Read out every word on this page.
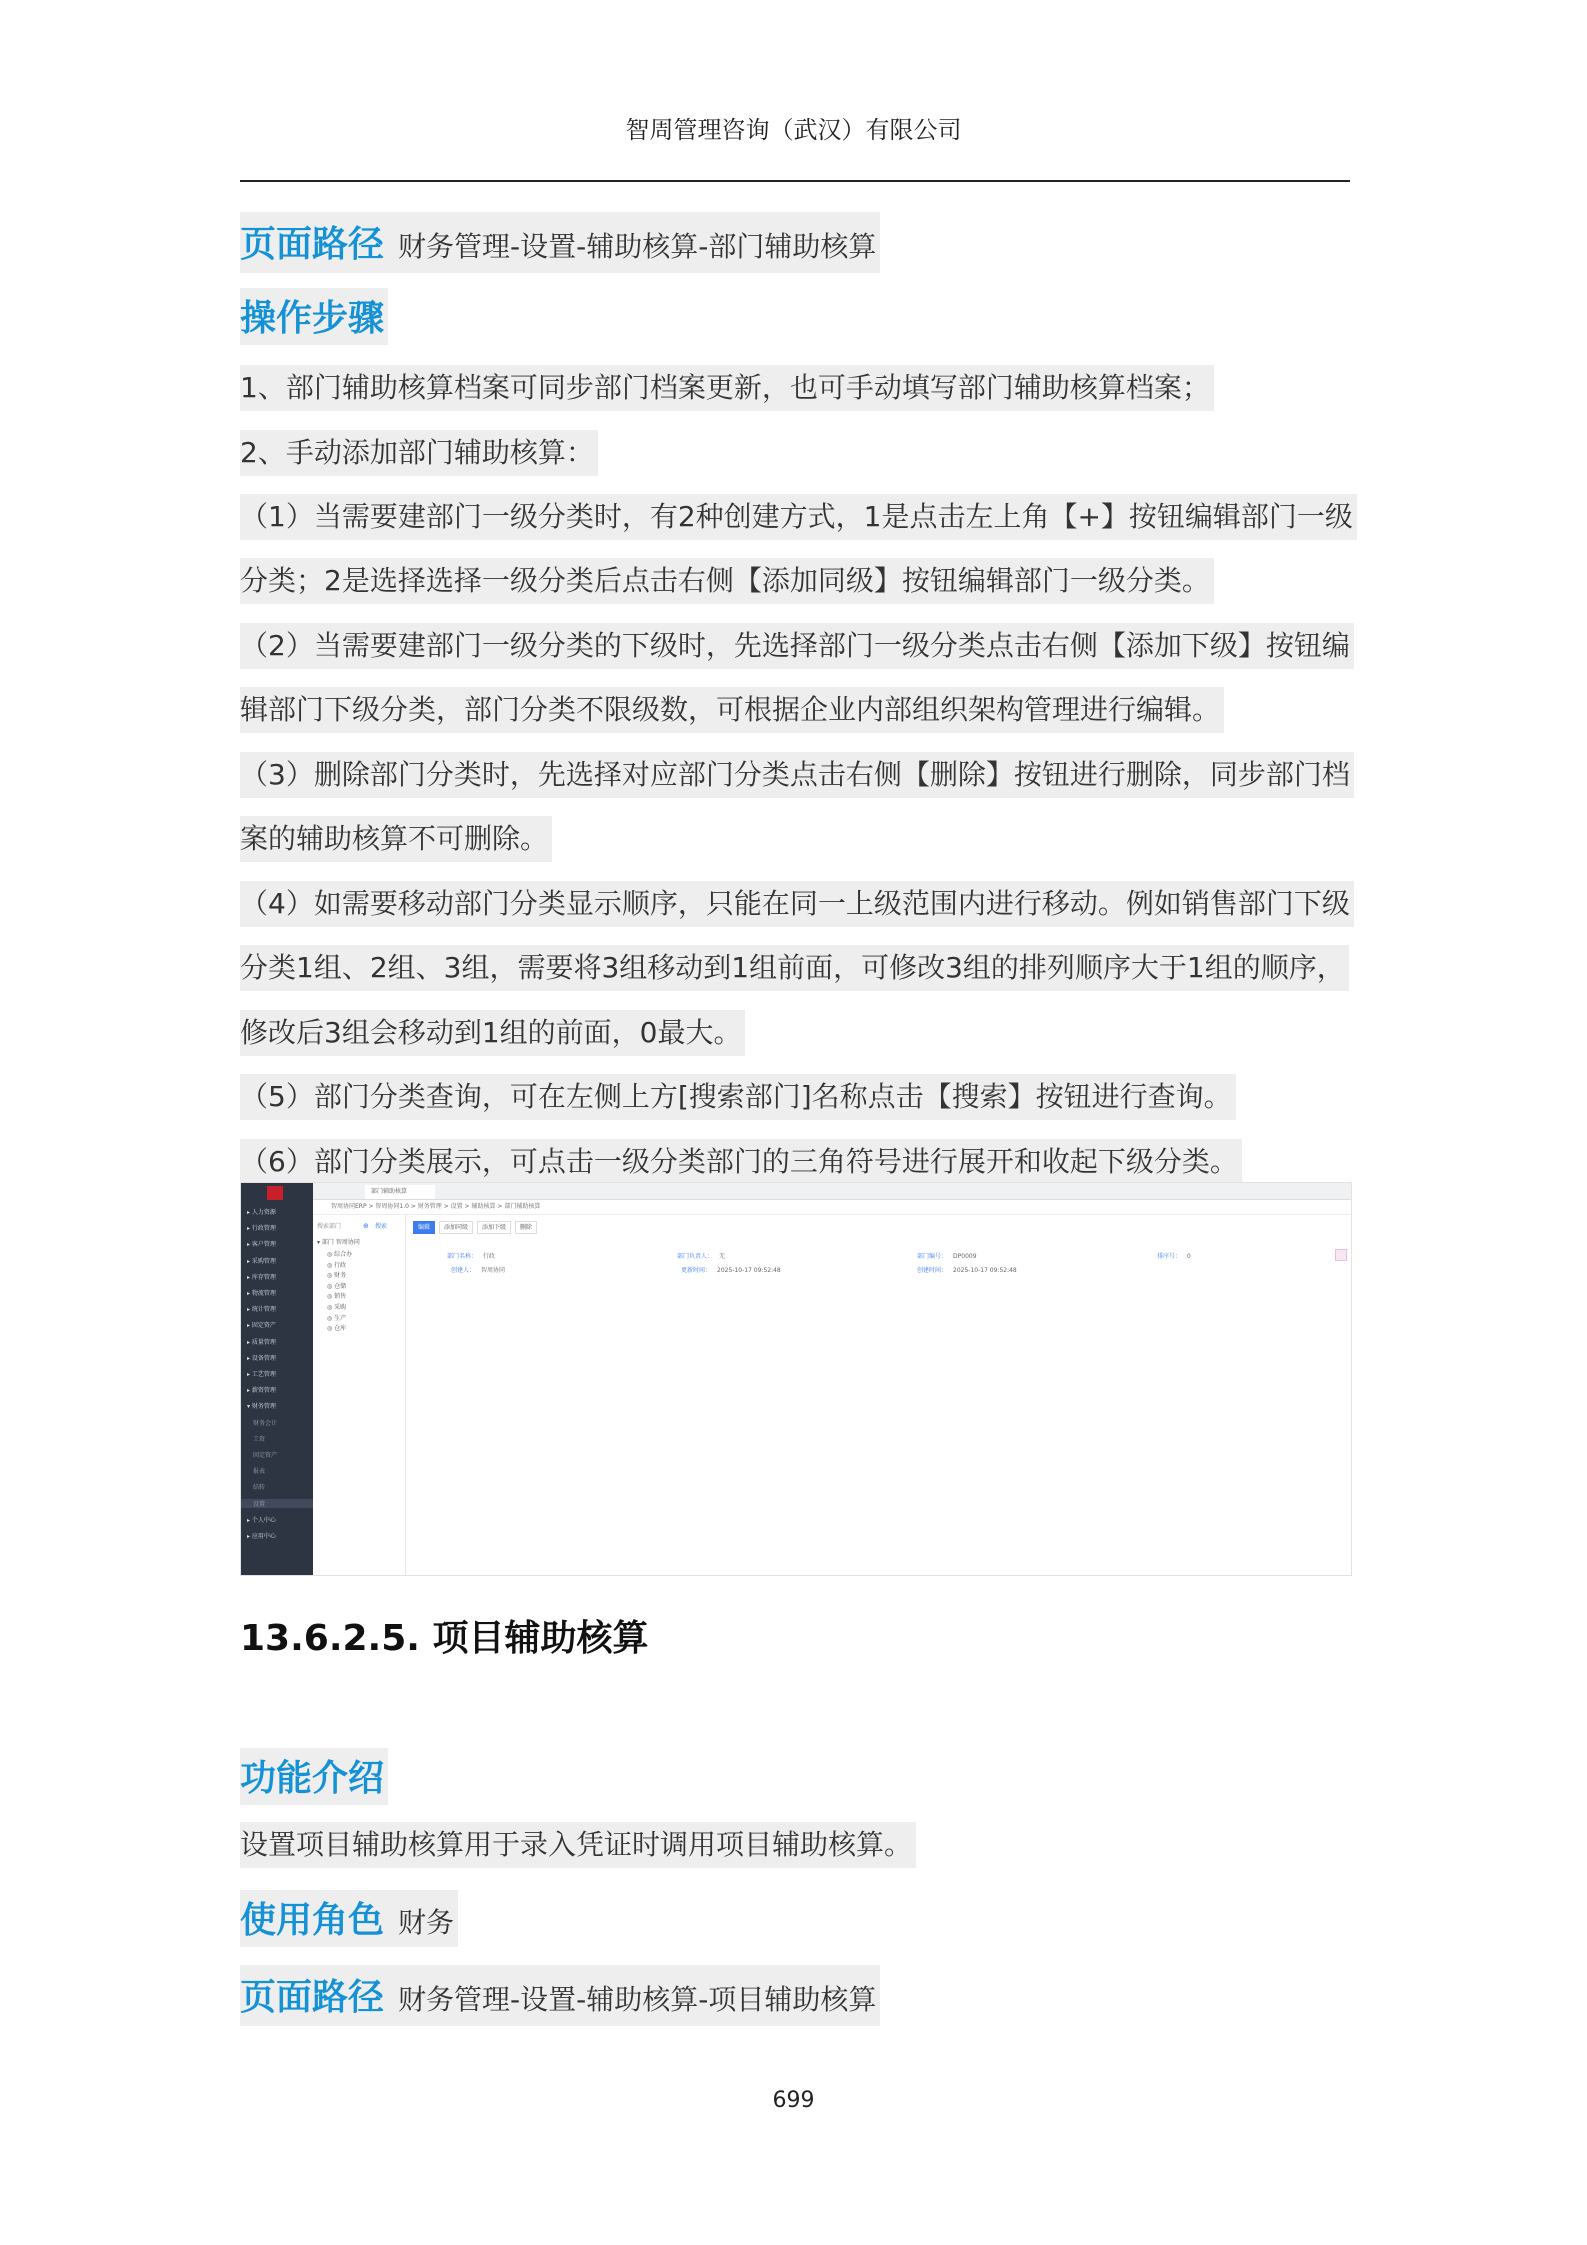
智周管理咨询（武汉）有限公司
页面路径 财务管理-设置-辅助核算-部门辅助核算
操作步骤
1、部门辅助核算档案可同步部门档案更新，也可手动填写部门辅助核算档案；
2、手动添加部门辅助核算：
（1）当需要建部门一级分类时，有2种创建方式，1是点击左上角【+】按钮编辑部门一级
分类；2是选择选择一级分类后点击右侧【添加同级】按钮编辑部门一级分类。
（2）当需要建部门一级分类的下级时，先选择部门一级分类点击右侧【添加下级】按钮编
辑部门下级分类，部门分类不限级数，可根据企业内部组织架构管理进行编辑。
（3）删除部门分类时，先选择对应部门分类点击右侧【删除】按钮进行删除，同步部门档
案的辅助核算不可删除。
（4）如需要移动部门分类显示顺序，只能在同一上级范围内进行移动。例如销售部门下级
分类1组、2组、3组，需要将3组移动到1组前面，可修改3组的排列顺序大于1组的顺序，
修改后3组会移动到1组的前面，0最大。
（5）部门分类查询，可在左侧上方[搜索部门]名称点击【搜索】按钮进行查询。
（6）部门分类展示，可点击一级分类部门的三角符号进行展开和收起下级分类。
▸ 人力资源
▸ 行政管理
▸ 客户管理
▸ 采购管理
▸ 库存管理
▸ 物流管理
▸ 统计管理
▸ 固定资产
▸ 质量管理
▸ 设备管理
▸ 工艺管理
▸ 薪资管理
▾ 财务管理
财务会计
工资
固定资产
报表
结转
设置
▸ 个人中心
▸ 应用中心
部门辅助核算
智周协同ERP > 智周协同1.0 > 财务管理 > 设置 > 辅助核算 > 部门辅助核算
搜索部门	⊕ 搜索
▾ 部门 智周协同
◎ 综合办
◎ 行政
◎ 财务
◎ 仓储
◎ 销售
◎ 采购
◎ 生产
◎ 仓库
编辑	添加同级	添加下级	删除
部门名称： 行政	部门负责人： 无	部门编号： DP0009	排序号： 0
创建人： 智周协同	更新时间： 2025-10-17 09:52:48	创建时间： 2025-10-17 09:52:48
13.6.2.5. 项目辅助核算
功能介绍
设置项目辅助核算用于录入凭证时调用项目辅助核算。
使用角色 财务
页面路径 财务管理-设置-辅助核算-项目辅助核算
699
